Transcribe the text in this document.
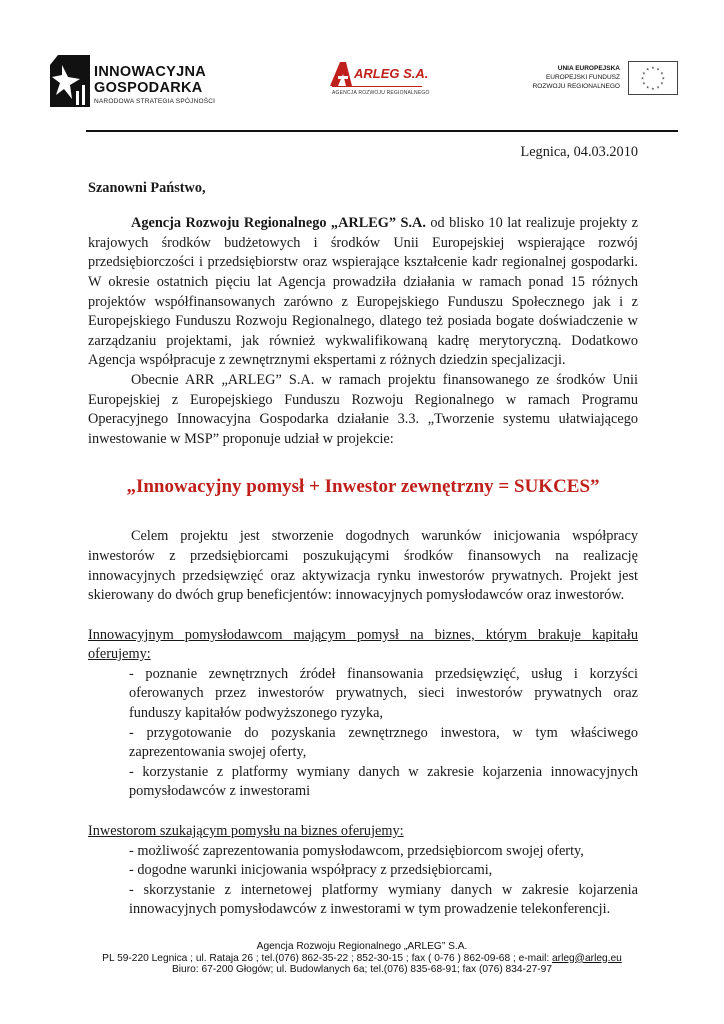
INNOWACYJNA
GOSPODARKA
NARODOWA STRATEGIA SPÓJNOŚCI
ARLEG S.A.
AGENCJA ROZWOJU REGIONALNEGO
UNIA EUROPEJSKA
EUROPEJSKI FUNDUSZ
ROZWOJU REGIONALNEGO
★ ★
★
★
★
★
★
★
★
★
★
★

Legnica, 04.03.2010

Szanowni Państwo,

Agencja Rozwoju Regionalnego „ARLEG” S.A. od blisko 10 lat realizuje projekty z krajowych środków budżetowych i środków Unii Europejskiej wspierające rozwój przedsiębiorczości i przedsiębiorstw oraz wspierające kształcenie kadr regionalnej gospodarki. W okresie ostatnich pięciu lat Agencja prowadziła działania w ramach ponad 15 różnych projektów współfinansowanych zarówno z Europejskiego Funduszu Społecznego jak i z Europejskiego Funduszu Rozwoju Regionalnego, dlatego też posiada bogate doświadczenie w zarządzaniu projektami, jak również wykwalifikowaną kadrę merytoryczną. Dodatkowo Agencja współpracuje z zewnętrznymi ekspertami z różnych dziedzin specjalizacji.

Obecnie ARR „ARLEG” S.A. w ramach projektu finansowanego ze środków Unii Europejskiej z Europejskiego Funduszu Rozwoju Regionalnego w ramach Programu Operacyjnego Innowacyjna Gospodarka działanie 3.3. „Tworzenie systemu ułatwiającego inwestowanie w MSP” proponuje udział w projekcie:

„Innowacyjny pomysł + Inwestor zewnętrzny = SUKCES”

Celem projektu jest stworzenie dogodnych warunków inicjowania współpracy inwestorów z przedsiębiorcami poszukującymi środków finansowych na realizację innowacyjnych przedsięwzięć oraz aktywizacja rynku inwestorów prywatnych. Projekt jest skierowany do dwóch grup beneficjentów: innowacyjnych pomysłodawców oraz inwestorów.

Innowacyjnym pomysłodawcom mającym pomysł na biznes, którym brakuje kapitału oferujemy:

- poznanie zewnętrznych źródeł finansowania przedsięwzięć, usług i korzyści oferowanych przez inwestorów prywatnych, sieci inwestorów prywatnych oraz funduszy kapitałów podwyższonego ryzyka,

- przygotowanie do pozyskania zewnętrznego inwestora, w tym właściwego zaprezentowania swojej oferty,

- korzystanie z platformy wymiany danych w zakresie kojarzenia innowacyjnych pomysłodawców z inwestorami

Inwestorom szukającym pomysłu na biznes oferujemy:

- możliwość zaprezentowania pomysłodawcom, przedsiębiorcom swojej oferty,

- dogodne warunki inicjowania współpracy z przedsiębiorcami,

- skorzystanie z internetowej platformy wymiany danych w zakresie kojarzenia innowacyjnych pomysłodawców z inwestorami w tym prowadzenie telekonferencji.

Agencja Rozwoju Regionalnego „ARLEG” S.A.
PL 59-220 Legnica ; ul. Rataja 26 ; tel.(076) 862-35-22 ; 852-30-15 ; fax ( 0-76 ) 862-09-68 ; e-mail: arleg@arleg.eu
Biuro: 67-200 Głogów; ul. Budowlanych 6a; tel.(076) 835-68-91; fax (076) 834-27-97
